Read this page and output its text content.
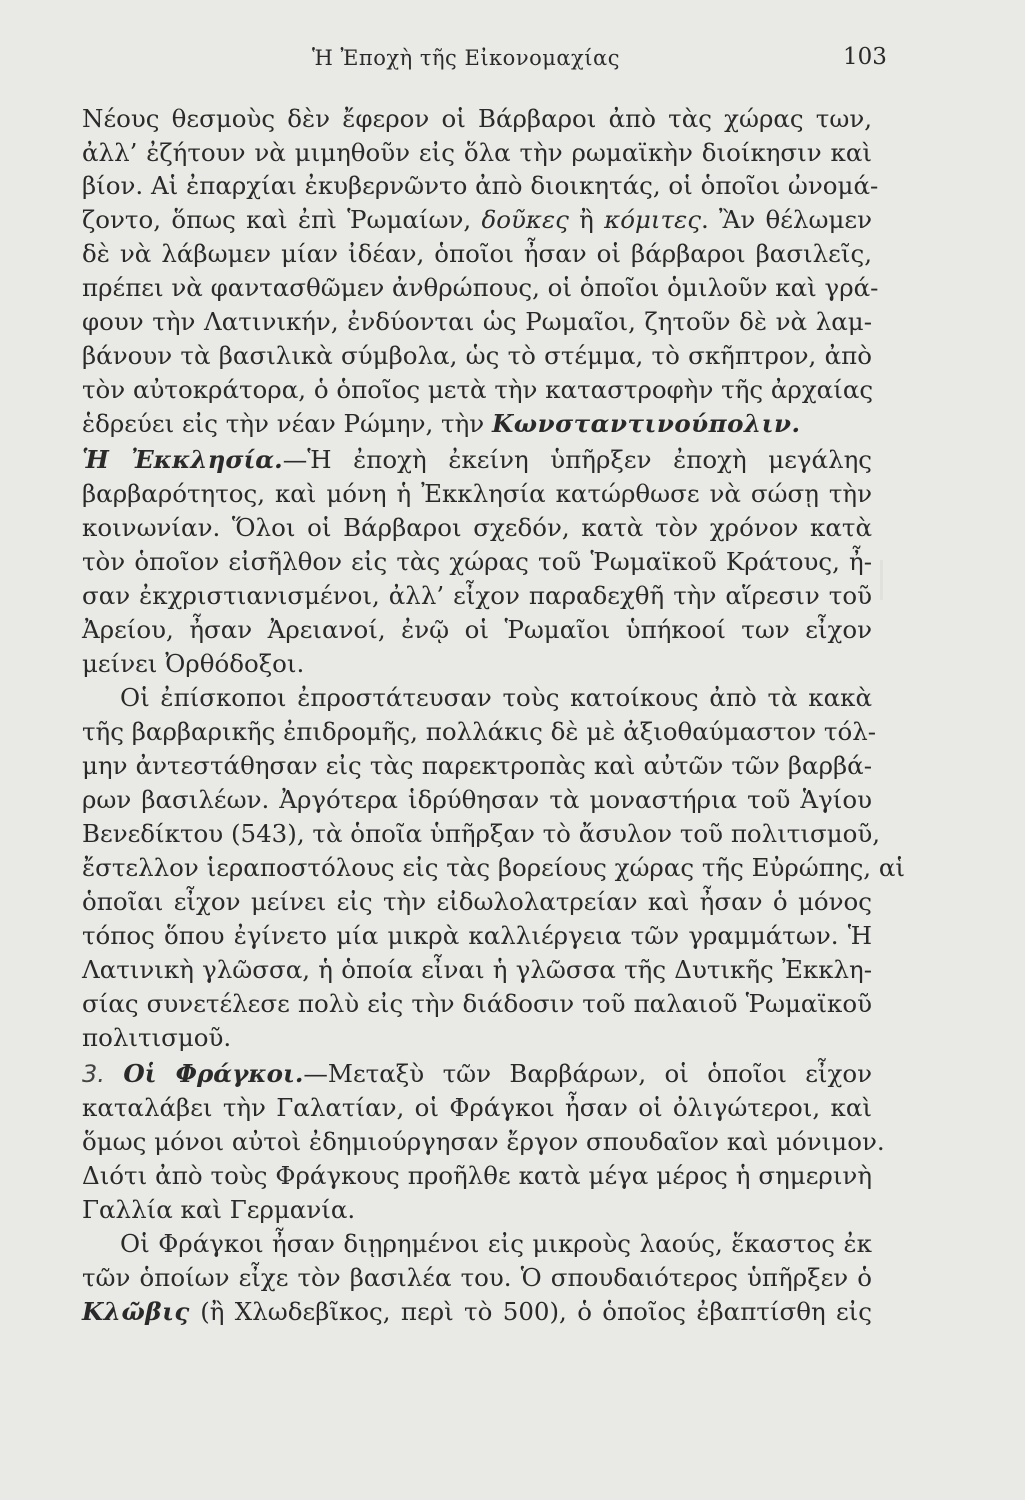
Ἡ Ἐποχὴ τῆς Εἰκονομαχίας	103
Νέους θεσμοὺς δὲν ἔφερον οἱ Βάρβαροι ἀπὸ τὰς χώρας των,
ἀλλ’ ἐζήτουν νὰ μιμηθοῦν εἰς ὅλα τὴν ρωμαϊκὴν διοίκησιν καὶ
βίον. Αἱ ἐπαρχίαι ἐκυβερνῶντο ἀπὸ διοικητάς, οἱ ὁποῖοι ὠνομά-
ζοντο, ὅπως καὶ ἐπὶ Ῥωμαίων, δοῦκες ἢ κόμιτες. Ἂν θέλωμεν
δὲ νὰ λάβωμεν μίαν ἰδέαν, ὁποῖοι ἦσαν οἱ βάρβαροι βασιλεῖς,
πρέπει νὰ φαντασθῶμεν ἀνθρώπους, οἱ ὁποῖοι ὁμιλοῦν καὶ γρά-
φουν τὴν Λατινικήν, ἐνδύονται ὡς Ρωμαῖοι, ζητοῦν δὲ νὰ λαμ-
βάνουν τὰ βασιλικὰ σύμβολα, ὡς τὸ στέμμα, τὸ σκῆπτρον, ἀπὸ
τὸν αὐτοκράτορα, ὁ ὁποῖος μετὰ τὴν καταστροφὴν τῆς ἀρχαίας
ἑδρεύει εἰς τὴν νέαν Ρώμην, τὴν Κωνσταντινούπολιν.
Ἡ Ἐκκλησία.—Ἡ ἐποχὴ ἐκείνη ὑπῆρξεν ἐποχὴ μεγάλης
βαρβαρότητος, καὶ μόνη ἡ Ἐκκλησία κατώρθωσε νὰ σώσῃ τὴν
κοινωνίαν. Ὅλοι οἱ Βάρβαροι σχεδόν, κατὰ τὸν χρόνον κατὰ
τὸν ὁποῖον εἰσῆλθον εἰς τὰς χώρας τοῦ Ῥωμαϊκοῦ Κράτους, ἦ-
σαν ἐκχριστιανισμένοι, ἀλλ’ εἶχον παραδεχθῆ τὴν αἵρεσιν τοῦ
Ἀρείου, ἦσαν Ἀρειανοί, ἐνῷ οἱ Ῥωμαῖοι ὑπήκοοί των εἶχον
μείνει Ὀρθόδοξοι.
Οἱ ἐπίσκοποι ἐπροστάτευσαν τοὺς κατοίκους ἀπὸ τὰ κακὰ
τῆς βαρβαρικῆς ἐπιδρομῆς, πολλάκις δὲ μὲ ἀξιοθαύμαστον τόλ-
μην ἀντεστάθησαν εἰς τὰς παρεκτροπὰς καὶ αὐτῶν τῶν βαρβά-
ρων βασιλέων. Ἀργότερα ἱδρύθησαν τὰ μοναστήρια τοῦ Ἁγίου
Βενεδίκτου (543), τὰ ὁποῖα ὑπῆρξαν τὸ ἄσυλον τοῦ πολιτισμοῦ,
ἔστελλον ἱεραποστόλους εἰς τὰς βορείους χώρας τῆς Εὐρώπης, αἱ
ὁποῖαι εἶχον μείνει εἰς τὴν εἰδωλολατρείαν καὶ ἦσαν ὁ μόνος
τόπος ὅπου ἐγίνετο μία μικρὰ καλλιέργεια τῶν γραμμάτων. Ἡ
Λατινικὴ γλῶσσα, ἡ ὁποία εἶναι ἡ γλῶσσα τῆς Δυτικῆς Ἐκκλη-
σίας συνετέλεσε πολὺ εἰς τὴν διάδοσιν τοῦ παλαιοῦ Ῥωμαϊκοῦ
πολιτισμοῦ.
3. Οἱ Φράγκοι.—Μεταξὺ τῶν Βαρβάρων, οἱ ὁποῖοι εἶχον
καταλάβει τὴν Γαλατίαν, οἱ Φράγκοι ἦσαν οἱ ὀλιγώτεροι, καὶ
ὅμως μόνοι αὐτοὶ ἐδημιούργησαν ἔργον σπουδαῖον καὶ μόνιμον.
Διότι ἀπὸ τοὺς Φράγκους προῆλθε κατὰ μέγα μέρος ἡ σημερινὴ
Γαλλία καὶ Γερμανία.
Οἱ Φράγκοι ἦσαν διῃρημένοι εἰς μικροὺς λαούς, ἕκαστος ἐκ
τῶν ὁποίων εἶχε τὸν βασιλέα του. Ὁ σπουδαιότερος ὑπῆρξεν ὁ
Κλῶβις (ἢ Χλωδεβῖκος, περὶ τὸ 500), ὁ ὁποῖος ἐβαπτίσθη εἰς
